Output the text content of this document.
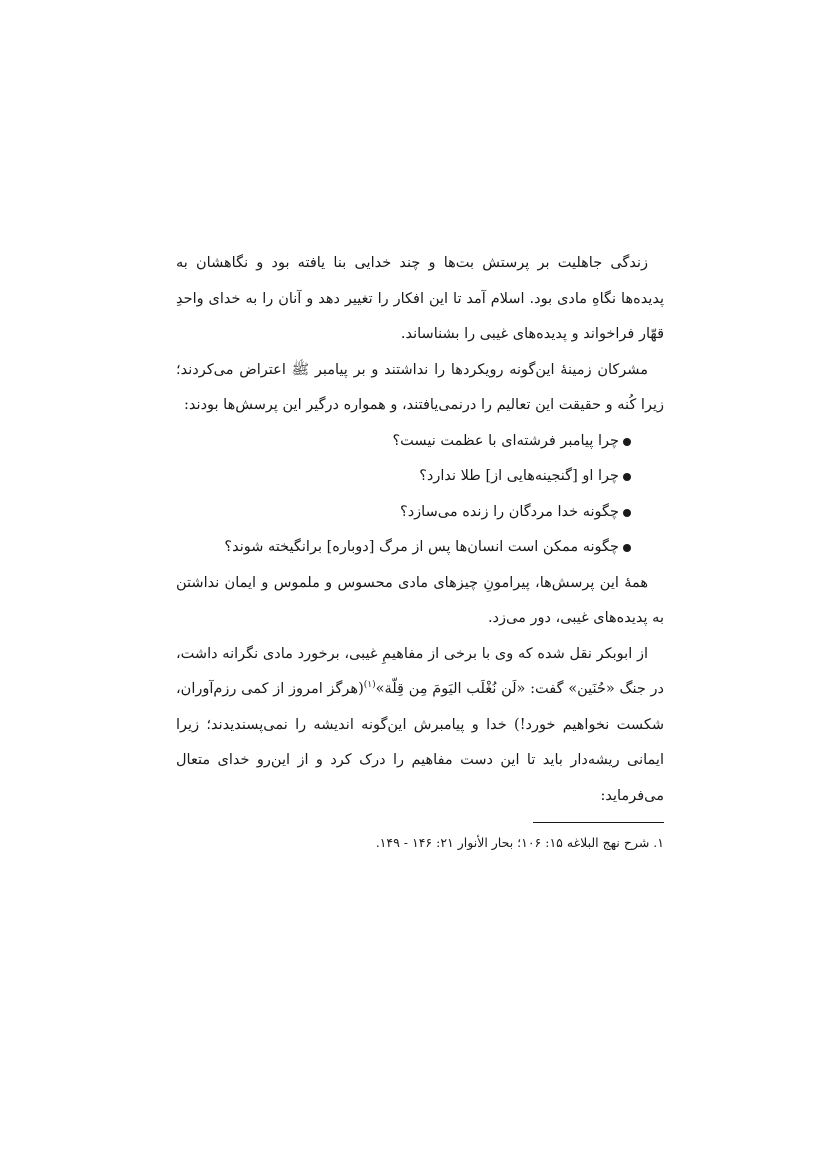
زندگی جاهلیت بر پرستش بت‌ها و چند خدایی بنا یافته بود و نگاهشان به پدیده‌ها نگاهِ مادی بود. اسلام آمد تا این افکار را تغییر دهد و آنان را به خدای واحدِ قهّار فراخواند و پدیده‌های غیبی را بشناساند.

مشرکان زمینهٔ این‌گونه رویکردها را نداشتند و بر پیامبر ﷺ اعتراض می‌کردند؛ زیرا کُنه و حقیقت این تعالیم را درنمی‌یافتند، و همواره درگیر این پرسش‌ها بودند:

چرا پیامبر فرشته‌ای با عظمت نیست؟
چرا او [گنجینه‌هایی از] طلا ندارد؟
چگونه خدا مردگان را زنده می‌سازد؟
چگونه ممکن است انسان‌ها پس از مرگ [دوباره] برانگیخته شوند؟

همهٔ این پرسش‌ها، پیرامونِ چیزهای مادی محسوس و ملموس و ایمان نداشتن به پدیده‌های غیبی، دور می‌زد.

از ابوبکر نقل شده که وی با برخی از مفاهیمِ غیبی، برخورد مادی نگرانه داشت، در جنگ «حُنَین» گفت: «لَن نُغْلَب الیَومَ مِن قِلّة»$^{(۱)}$(هرگز امروز از کمی رزم‌آوران، شکست نخواهیم خورد!) خدا و پیامبرش این‌گونه اندیشه را نمی‌پسندیدند؛ زیرا ایمانی ریشه‌دار باید تا این دست مفاهیم را درک کرد و از این‌رو خدای متعال می‌فرماید:

۱. شرح نهج البلاغه ۱۵: ۱۰۶؛ بحار الأنوار ۲۱: ۱۴۶ - ۱۴۹.
